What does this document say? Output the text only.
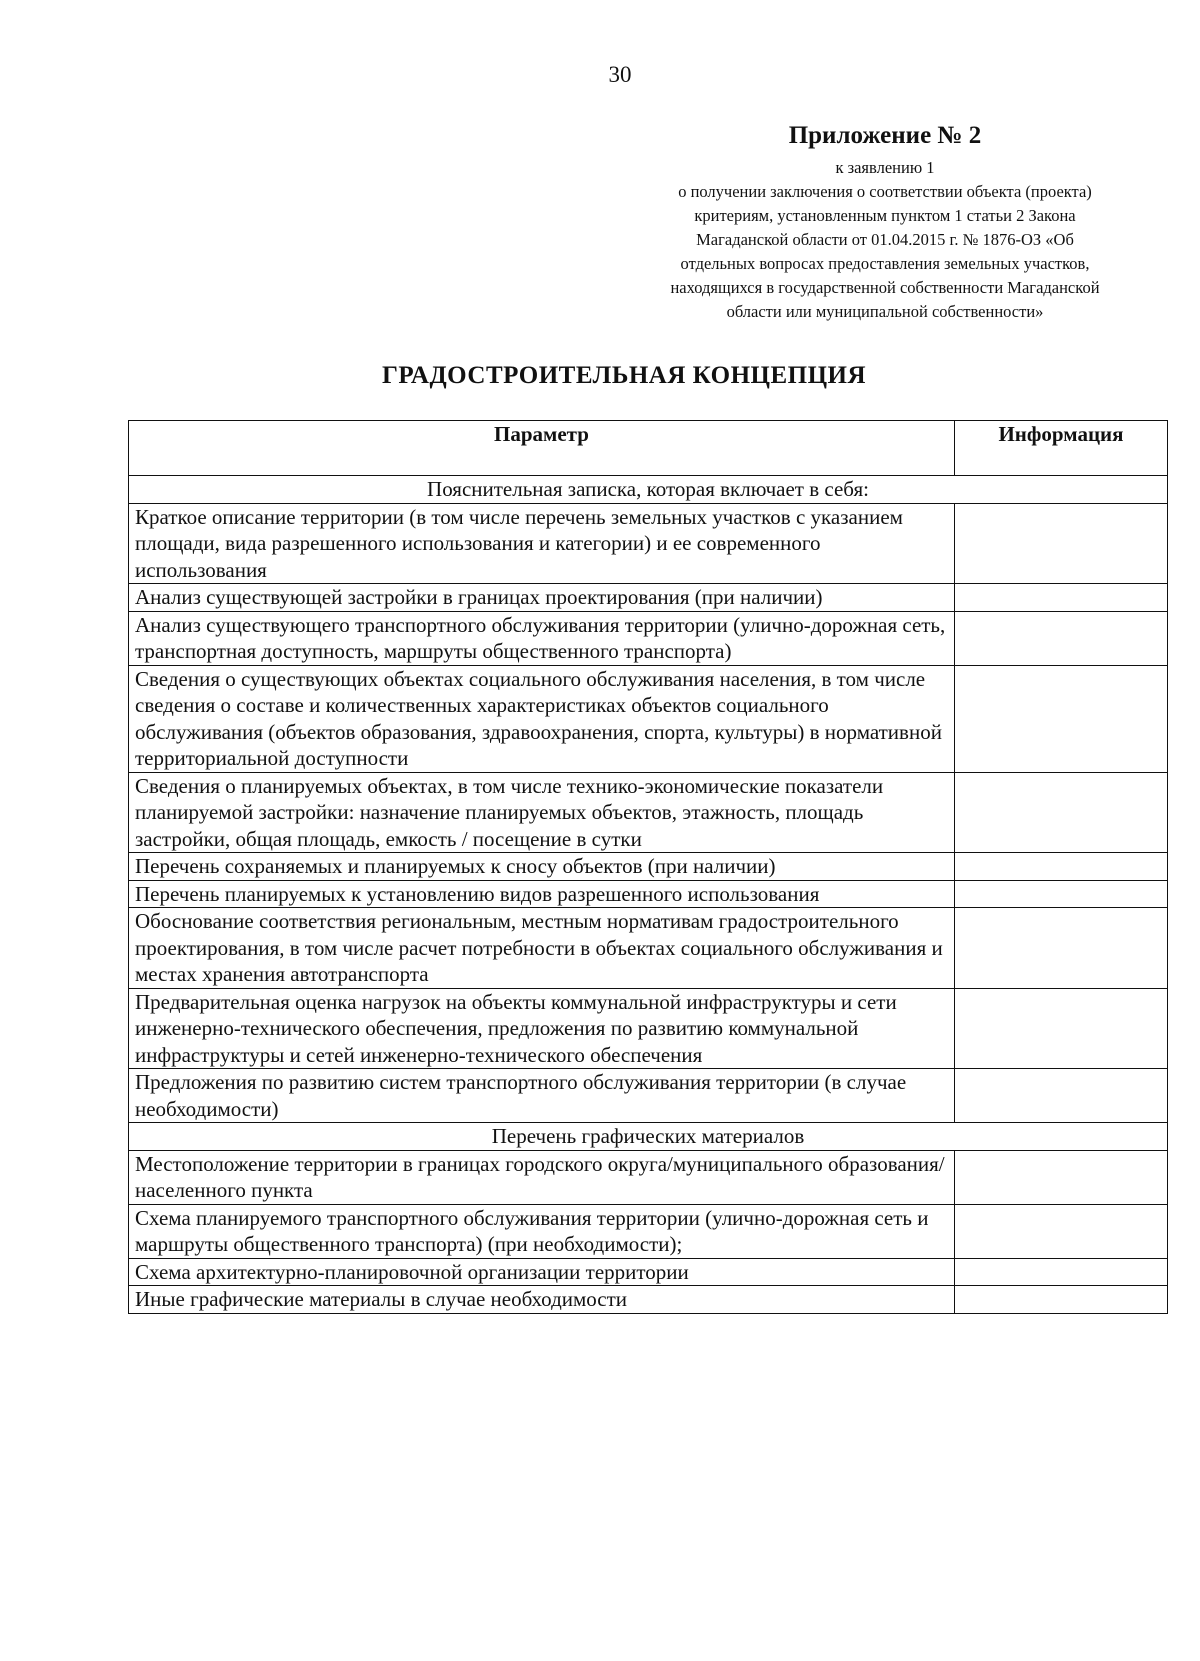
30
Приложение № 2
к заявлению 1
о получении заключения о соответствии объекта (проекта)
критериям, установленным пунктом 1 статьи 2 Закона
Магаданской области от 01.04.2015 г. № 1876-ОЗ «Об
отдельных вопросах предоставления земельных участков,
находящихся в государственной собственности Магаданской
области или муниципальной собственности»
ГРАДОСТРОИТЕЛЬНАЯ КОНЦЕПЦИЯ
Параметр	Информация
Пояснительная записка, которая включает в себя:	
Краткое описание территории (в том числе перечень земельных участков с указанием площади, вида разрешенного использования и категории) и ее современного использования	
Анализ существующей застройки в границах проектирования (при наличии)	
Анализ существующего транспортного обслуживания территории (улично-дорожная сеть, транспортная доступность, маршруты общественного транспорта)	
Сведения о существующих объектах социального обслуживания населения, в том числе сведения о составе и количественных характеристиках объектов социального обслуживания (объектов образования, здравоохранения, спорта, культуры) в нормативной территориальной доступности	
Сведения о планируемых объектах, в том числе технико-экономические показатели планируемой застройки: назначение планируемых объектов, этажность, площадь застройки, общая площадь, емкость / посещение в сутки	
Перечень сохраняемых и планируемых к сносу объектов (при наличии)	
Перечень планируемых к установлению видов разрешенного использования	
Обоснование соответствия региональным, местным нормативам градостроительного проектирования, в том числе расчет потребности в объектах социального обслуживания и местах хранения автотранспорта	
Предварительная оценка нагрузок на объекты коммунальной инфраструктуры и сети инженерно-технического обеспечения, предложения по развитию коммунальной инфраструктуры и сетей инженерно-технического обеспечения	
Предложения по развитию систем транспортного обслуживания территории (в случае необходимости)	
Перечень графических материалов	
Местоположение территории в границах городского округа/муниципального образования/населенного пункта	
Схема планируемого транспортного обслуживания территории (улично-дорожная сеть и маршруты общественного транспорта) (при необходимости);	
Схема архитектурно-планировочной организации территории	
Иные графические материалы в случае необходимости	
